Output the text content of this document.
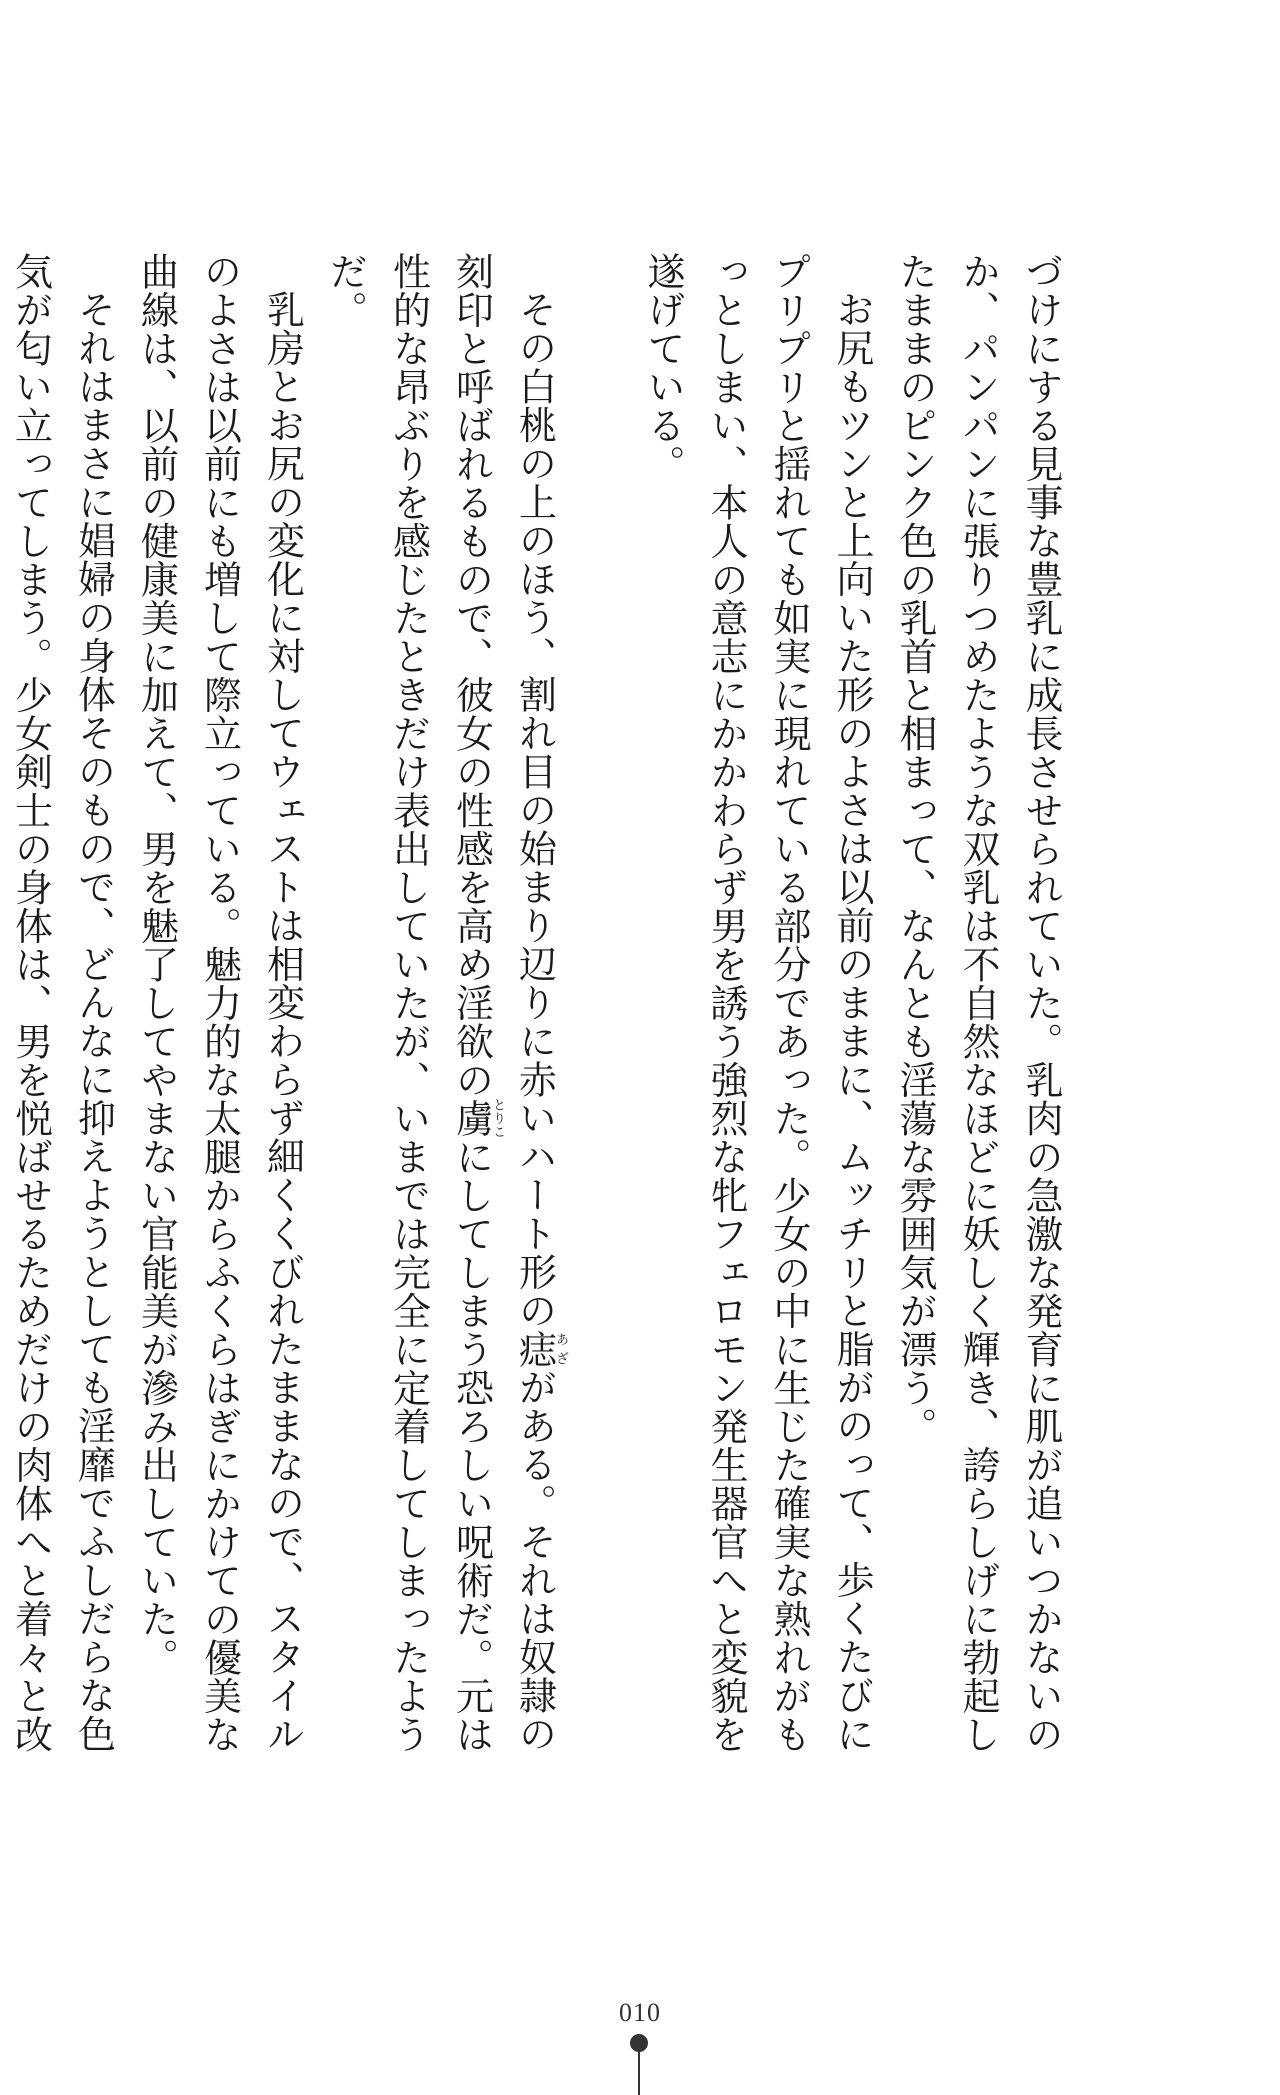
づけにする見事な豊乳に成長させられていた。乳肉の急激な発育に肌が追いつかないのか、パンパンに張りつめたような双乳は不自然なほどに妖しく輝き、誇らしげに勃起したままのピンク色の乳首と相まって、なんとも淫蕩な雰囲気が漂う。

お尻もツンと上向いた形のよさは以前のままに、ムッチリと脂がのって、歩くたびにプリプリと揺れても如実に現れている部分であった。少女の中に生じた確実な熟れがもっとしまい、本人の意志にかかわらず男を誘う強烈な牝フェロモン発生器官へと変貌を遂げている。

その白桃の上のほう、割れ目の始まり辺りに赤いハート形の痣あざがある。それは奴隷の刻印と呼ばれるもので、彼女の性感を高め淫欲の虜とりこにしてしまう恐ろしい呪術だ。元は性的な昂ぶりを感じたときだけ表出していたが、いまでは完全に定着してしまったようだ。

乳房とお尻の変化に対してウェストは相変わらず細くくびれたままなので、スタイルのよさは以前にも増して際立っている。魅力的な太腿からふくらはぎにかけての優美な曲線は、以前の健康美に加えて、男を魅了してやまない官能美が滲み出していた。

それはまさに娼婦の身体そのもので、どんなに抑えようとしても淫靡でふしだらな色気が匂い立ってしまう。少女剣士の身体は、男を悦ばせるためだけの肉体へと着々と改

010
